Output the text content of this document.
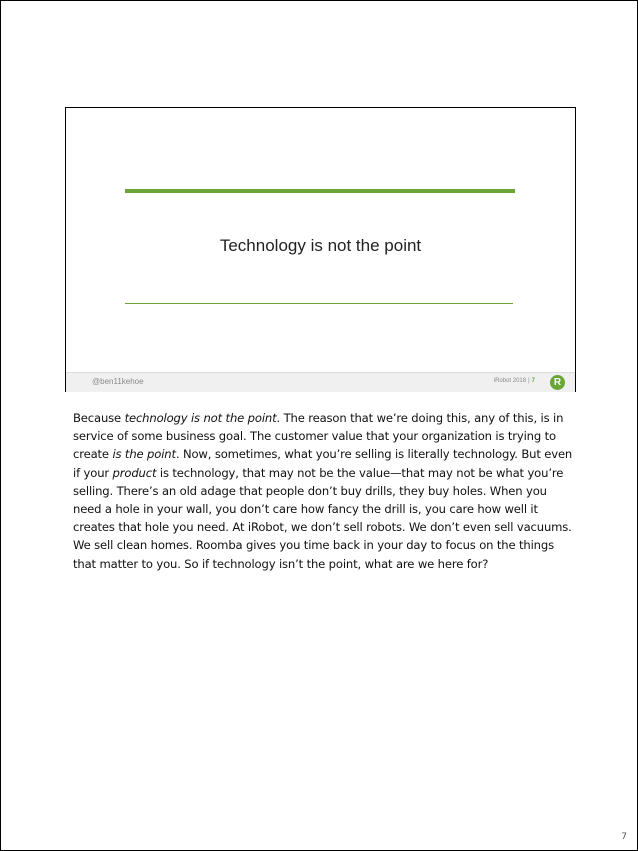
Technology is not the point
@ben11kehoe	iRobot 2018 | 7	R
Because technology is not the point. The reason that we’re doing this, any of this, is in service of some business goal. The customer value that your organization is trying to create is the point. Now, sometimes, what you’re selling is literally technology. But even if your product is technology, that may not be the value—that may not be what you’re selling. There’s an old adage that people don’t buy drills, they buy holes. When you need a hole in your wall, you don’t care how fancy the drill is, you care how well it creates that hole you need. At iRobot, we don’t sell robots. We don’t even sell vacuums. We sell clean homes. Roomba gives you time back in your day to focus on the things that matter to you. So if technology isn’t the point, what are we here for?
7
